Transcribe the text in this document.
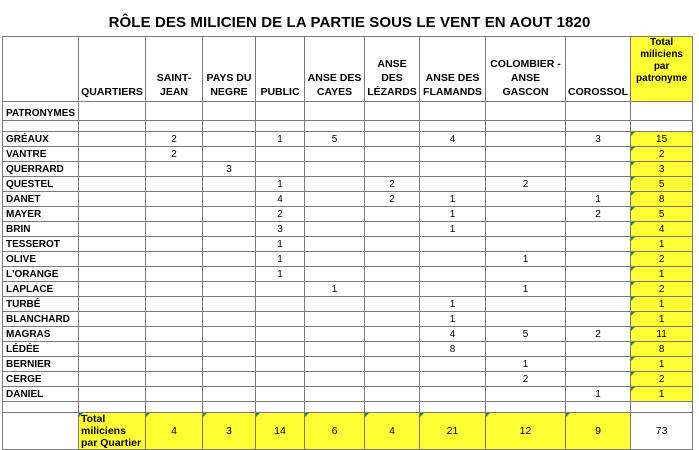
RÔLE DES MILICIEN DE LA PARTIE SOUS LE VENT EN AOUT 1820
	QUARTIERS	SAINT-JEAN	PAYS DU NEGRE	PUBLIC	ANSE DES CAYES	ANSE DES LÉZARDS	ANSE DES FLAMANDS	COLOMBIER - ANSE GASCON	COROSSOL	Total miliciens par patronyme
PATRONYMES										

GRÉAUX		2		1	5		4		3	15
VANTRE		2								2
QUERRARD			3							3
QUESTEL				1		2		2		5
DANET				4		2	1		1	8
MAYER				2			1		2	5
BRIN				3			1			4
TESSEROT				1						1
OLIVE				1				1		2
L'ORANGE				1						1
LAPLACE					1			1		2
TURBÉ							1			1
BLANCHARD							1			1
MAGRAS							4	5	2	11
LÉDÉE							8			8
BERNIER								1		1
CERGE								2		2
DANIEL									1	1

	Total miliciens par Quartier	4	3	14	6	4	21	12	9	73
